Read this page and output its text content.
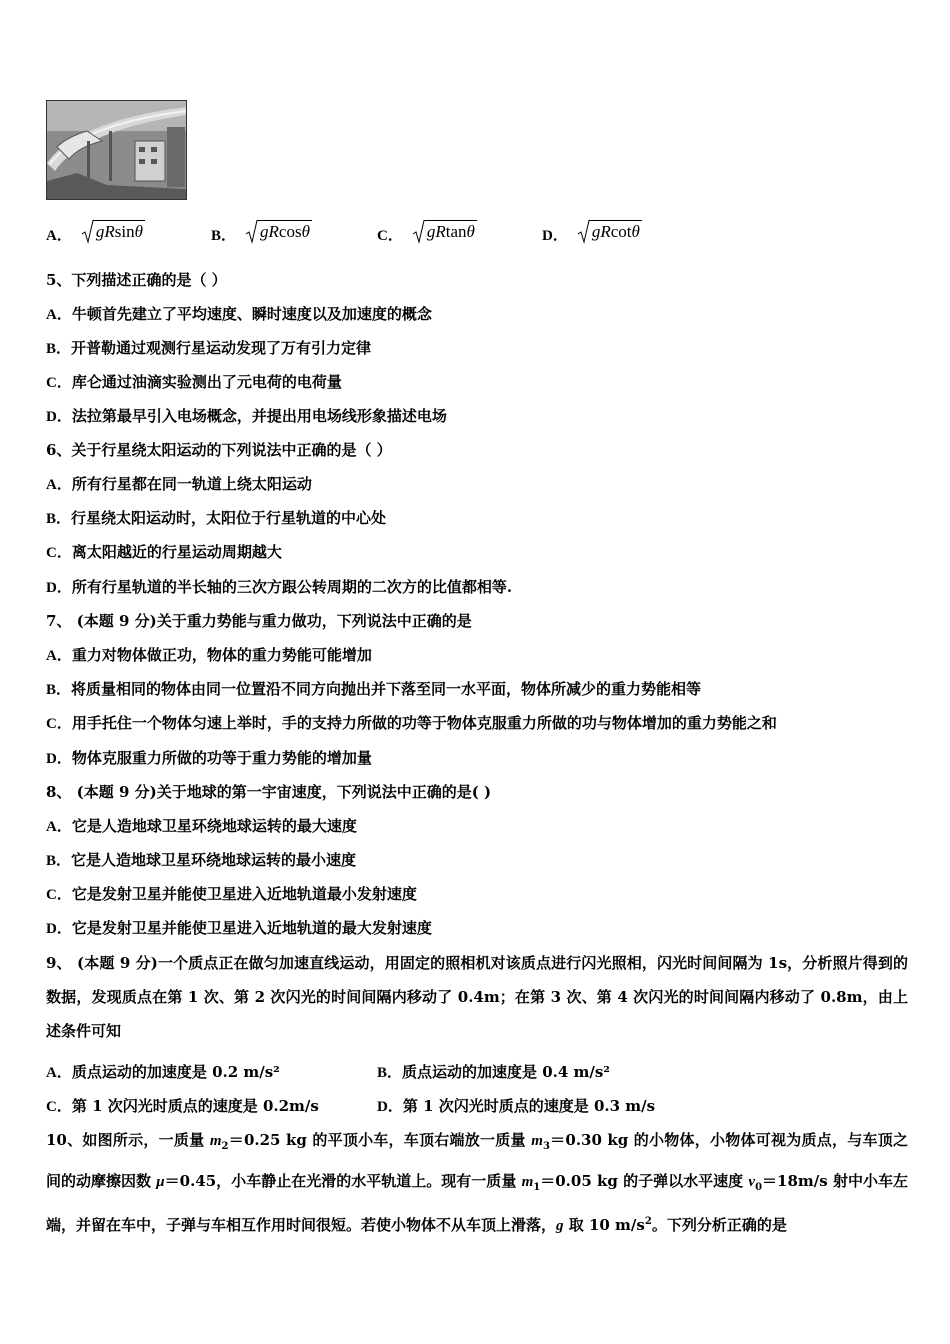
A． gRsinθ	B． gRcosθ	C． gRtanθ	D． gRcotθ
5、下列描述正确的是（ ）
A．牛顿首先建立了平均速度、瞬时速度以及加速度的概念
B．开普勒通过观测行星运动发现了万有引力定律
C．库仑通过油滴实验测出了元电荷的电荷量
D．法拉第最早引入电场概念，并提出用电场线形象描述电场
6、关于行星绕太阳运动的下列说法中正确的是（ ）
A．所有行星都在同一轨道上绕太阳运动
B．行星绕太阳运动时，太阳位于行星轨道的中心处
C．离太阳越近的行星运动周期越大
D．所有行星轨道的半长轴的三次方跟公转周期的二次方的比值都相等.
7、 (本题 9 分)关于重力势能与重力做功，下列说法中正确的是
A．重力对物体做正功，物体的重力势能可能增加
B．将质量相同的物体由同一位置沿不同方向抛出并下落至同一水平面，物体所减少的重力势能相等
C．用手托住一个物体匀速上举时，手的支持力所做的功等于物体克服重力所做的功与物体增加的重力势能之和
D．物体克服重力所做的功等于重力势能的增加量
8、 (本题 9 分)关于地球的第一宇宙速度，下列说法中正确的是( )
A．它是人造地球卫星环绕地球运转的最大速度
B．它是人造地球卫星环绕地球运转的最小速度
C．它是发射卫星并能使卫星进入近地轨道最小发射速度
D．它是发射卫星并能使卫星进入近地轨道的最大发射速度
9、 (本题 9 分)一个质点正在做匀加速直线运动，用固定的照相机对该质点进行闪光照相，闪光时间间隔为 1s，分析照片得到的数据，发现质点在第 1 次、第 2 次闪光的时间间隔内移动了 0.4m；在第 3 次、第 4 次闪光的时间间隔内移动了 0.8m，由上述条件可知
A．质点运动的加速度是 0.2 m/s²	B．质点运动的加速度是 0.4 m/s²
C．第 1 次闪光时质点的速度是 0.2m/s	D．第 1 次闪光时质点的速度是 0.3 m/s
10、如图所示，一质量 $m_2=0.25$ kg 的平顶小车，车顶右端放一质量 $m_3=0.30$ kg 的小物体，小物体可视为质点，与车顶之间的动摩擦因数 μ＝0.45，小车静止在光滑的水平轨道上。现有一质量 $m_1=0.05$ kg 的子弹以水平速度 $v_0=18m/s$ 射中小车左端，并留在车中，子弹与车相互作用时间很短。若使小物体不从车顶上滑落，g 取 10 $m/s^2$。下列分析正确的是
